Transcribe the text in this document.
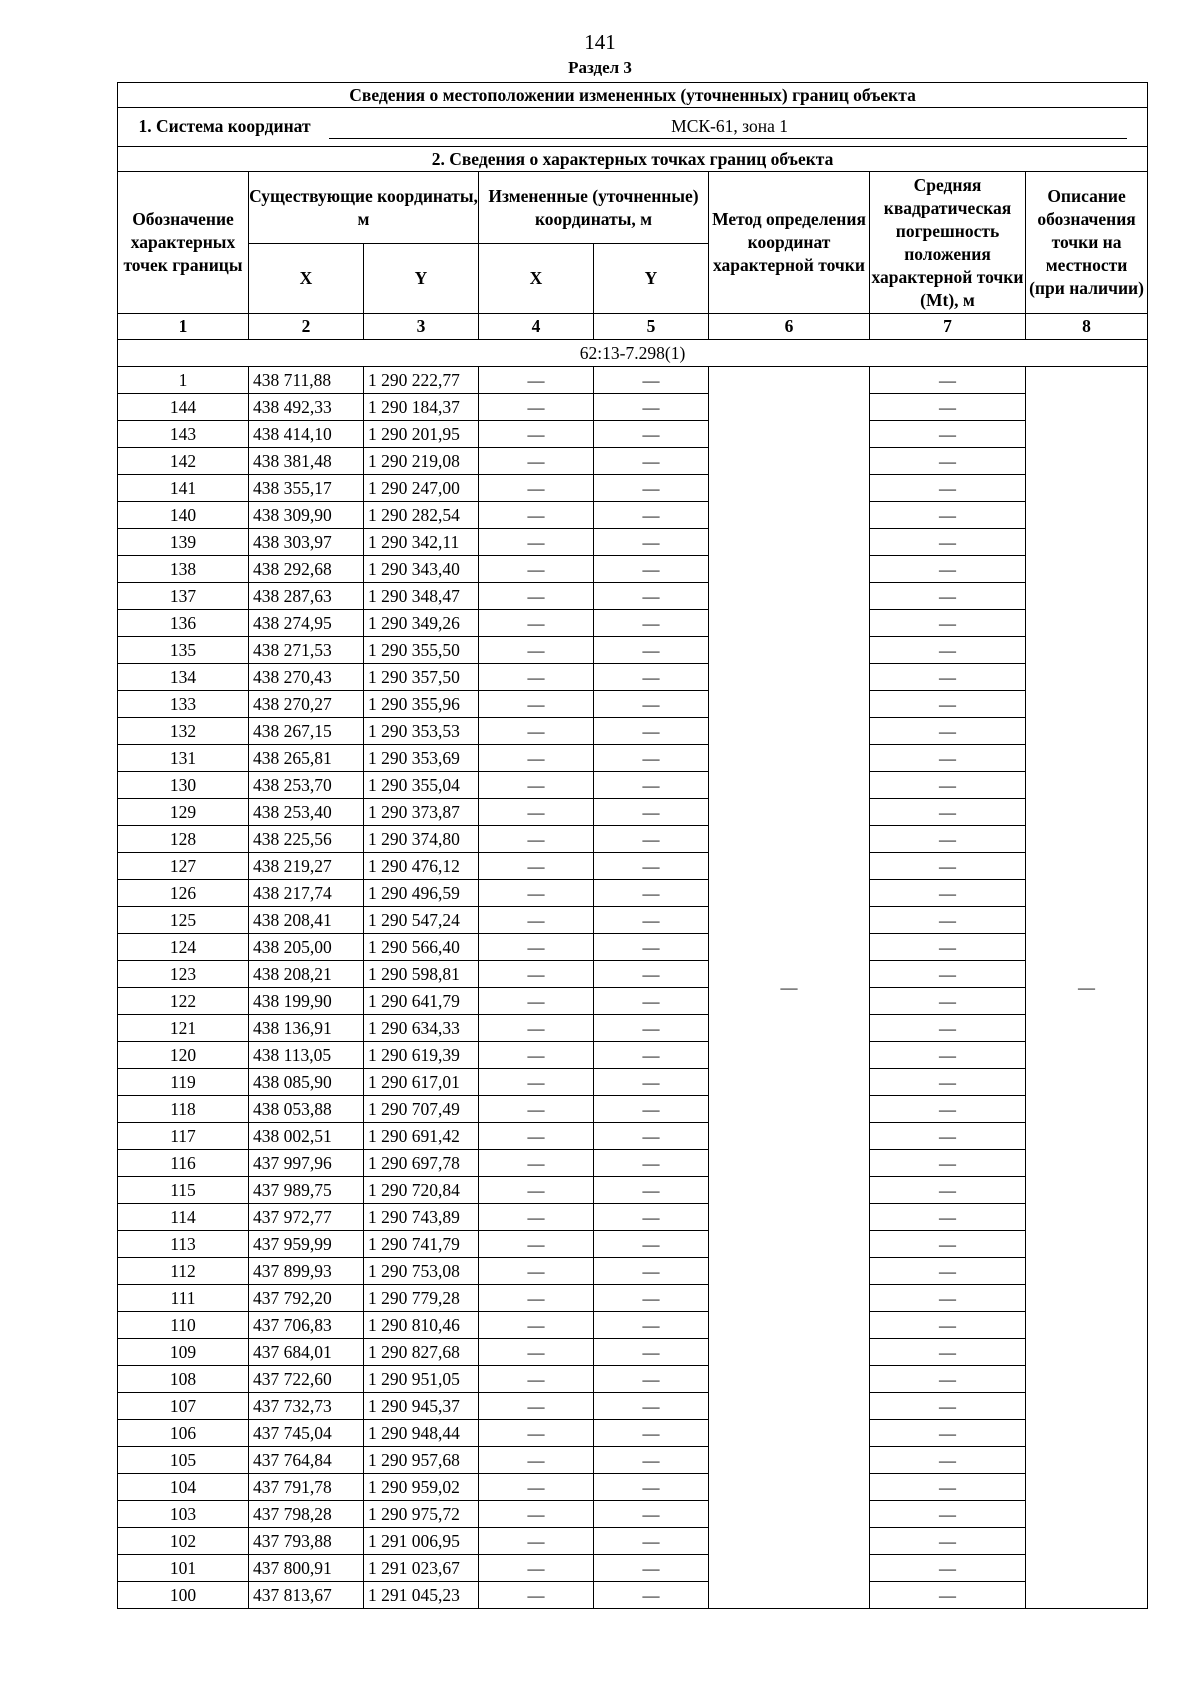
141
Раздел 3
Сведения о местоположении измененных (уточненных) границ объекта							
1. Система координат МСК-61, зона 1							
2. Сведения о характерных точках границ объекта							
Обозначение характерных точек границы	Существующие координаты, м		Измененные (уточненные) координаты, м		Метод определения координат характерной точки	Средняя квадратическая погрешность положения характерной точки (Mt), м	Описание обозначения точки на местности (при наличии)
	X	Y	X	Y			
1	2	3	4	5	6	7	8
62:13-7.298(1)							
1	438 711,88	1 290 222,77	—	—	—	—	—
144	438 492,33	1 290 184,37	—	—		—	
143	438 414,10	1 290 201,95	—	—		—	
142	438 381,48	1 290 219,08	—	—		—	
141	438 355,17	1 290 247,00	—	—		—	
140	438 309,90	1 290 282,54	—	—		—	
139	438 303,97	1 290 342,11	—	—		—	
138	438 292,68	1 290 343,40	—	—		—	
137	438 287,63	1 290 348,47	—	—		—	
136	438 274,95	1 290 349,26	—	—		—	
135	438 271,53	1 290 355,50	—	—		—	
134	438 270,43	1 290 357,50	—	—		—	
133	438 270,27	1 290 355,96	—	—		—	
132	438 267,15	1 290 353,53	—	—		—	
131	438 265,81	1 290 353,69	—	—		—	
130	438 253,70	1 290 355,04	—	—		—	
129	438 253,40	1 290 373,87	—	—		—	
128	438 225,56	1 290 374,80	—	—		—	
127	438 219,27	1 290 476,12	—	—		—	
126	438 217,74	1 290 496,59	—	—		—	
125	438 208,41	1 290 547,24	—	—		—	
124	438 205,00	1 290 566,40	—	—		—	
123	438 208,21	1 290 598,81	—	—		—	
122	438 199,90	1 290 641,79	—	—		—	
121	438 136,91	1 290 634,33	—	—		—	
120	438 113,05	1 290 619,39	—	—		—	
119	438 085,90	1 290 617,01	—	—		—	
118	438 053,88	1 290 707,49	—	—		—	
117	438 002,51	1 290 691,42	—	—		—	
116	437 997,96	1 290 697,78	—	—		—	
115	437 989,75	1 290 720,84	—	—		—	
114	437 972,77	1 290 743,89	—	—		—	
113	437 959,99	1 290 741,79	—	—		—	
112	437 899,93	1 290 753,08	—	—		—	
111	437 792,20	1 290 779,28	—	—		—	
110	437 706,83	1 290 810,46	—	—		—	
109	437 684,01	1 290 827,68	—	—		—	
108	437 722,60	1 290 951,05	—	—		—	
107	437 732,73	1 290 945,37	—	—		—	
106	437 745,04	1 290 948,44	—	—		—	
105	437 764,84	1 290 957,68	—	—		—	
104	437 791,78	1 290 959,02	—	—		—	
103	437 798,28	1 290 975,72	—	—		—	
102	437 793,88	1 291 006,95	—	—		—	
101	437 800,91	1 291 023,67	—	—		—	
100	437 813,67	1 291 045,23	—	—		—	
